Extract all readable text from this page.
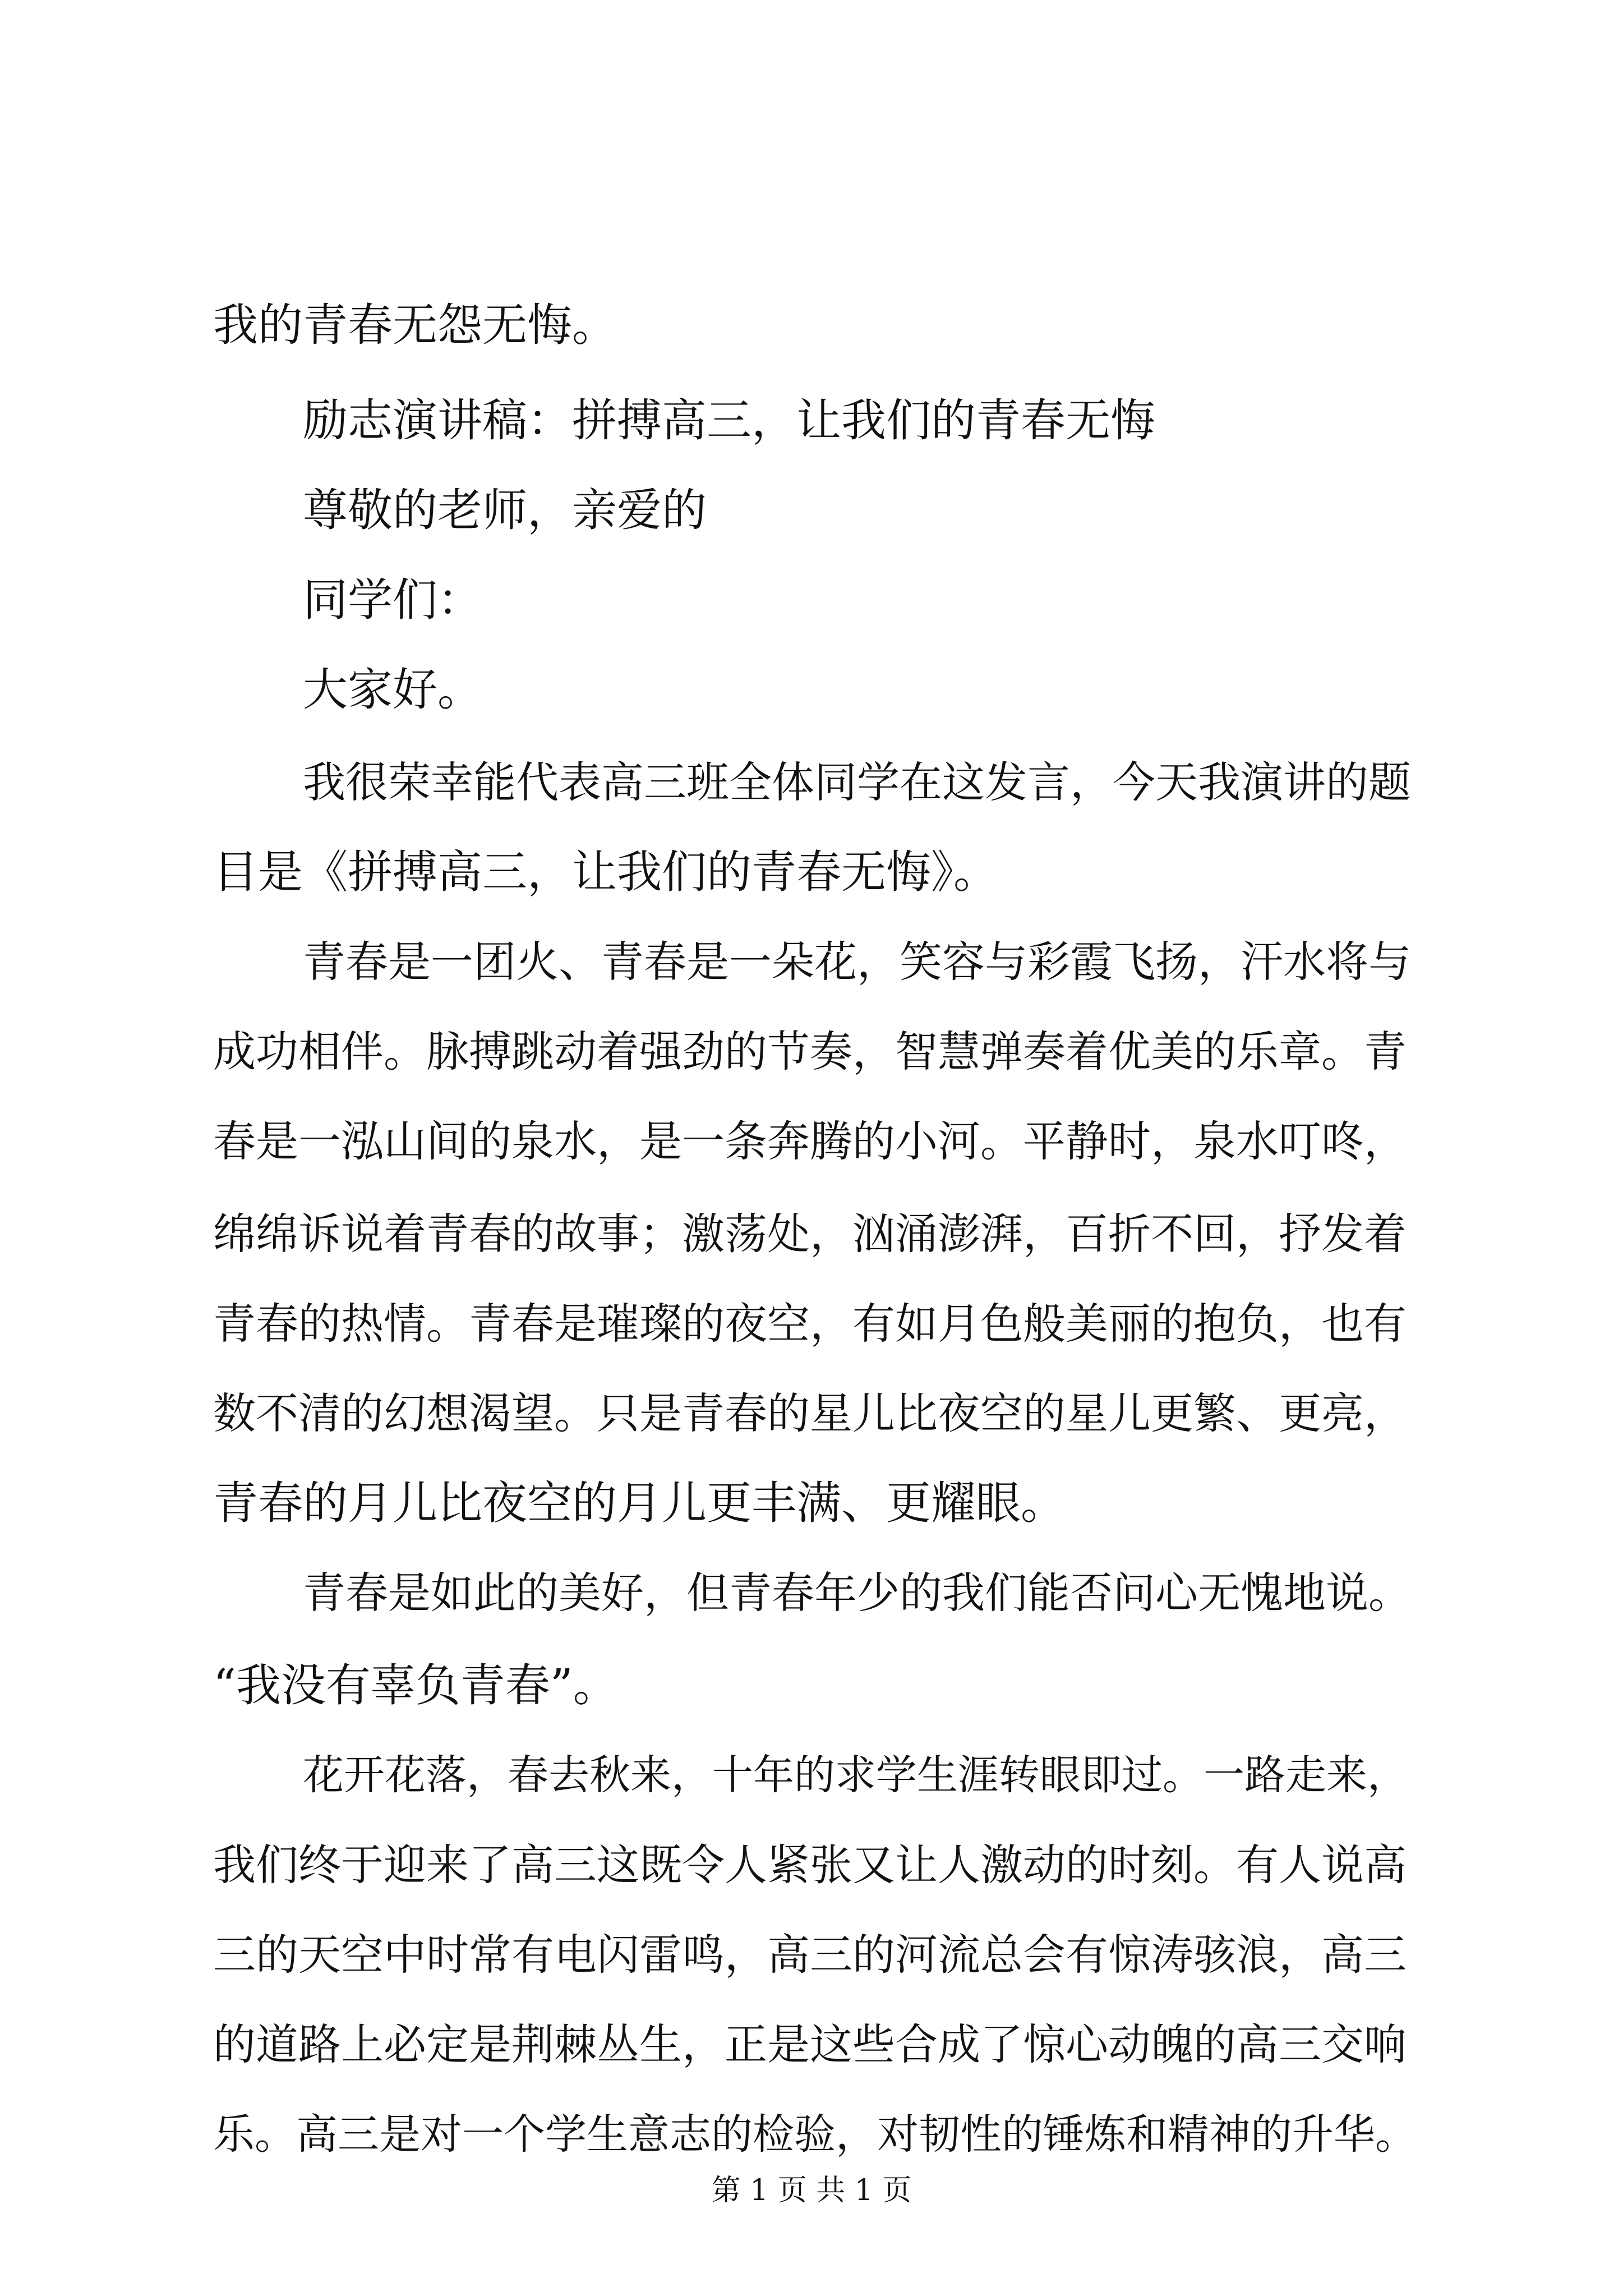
我的青春无怨无悔。
励志演讲稿：拼搏高三，让我们的青春无悔
尊敬的老师，亲爱的
同学们：
大家好。
我很荣幸能代表高三班全体同学在这发言，今天我演讲的题
目是《拼搏高三，让我们的青春无悔》。
青春是一团火、青春是一朵花，笑容与彩霞飞扬，汗水将与
成功相伴。脉搏跳动着强劲的节奏，智慧弹奏着优美的乐章。青
春是一泓山间的泉水，是一条奔腾的小河。平静时，泉水叮咚，
绵绵诉说着青春的故事；激荡处，汹涌澎湃，百折不回，抒发着
青春的热情。青春是璀璨的夜空，有如月色般美丽的抱负，也有
数不清的幻想渴望。只是青春的星儿比夜空的星儿更繁、更亮，
青春的月儿比夜空的月儿更丰满、更耀眼。
青春是如此的美好，但青春年少的我们能否问心无愧地说。
“我没有辜负青春”。
花开花落，春去秋来，十年的求学生涯转眼即过。一路走来，
我们终于迎来了高三这既令人紧张又让人激动的时刻。有人说高
三的天空中时常有电闪雷鸣，高三的河流总会有惊涛骇浪，高三
的道路上必定是荆棘丛生，正是这些合成了惊心动魄的高三交响
乐。高三是对一个学生意志的检验，对韧性的锤炼和精神的升华。
第 1 页 共 1 页
